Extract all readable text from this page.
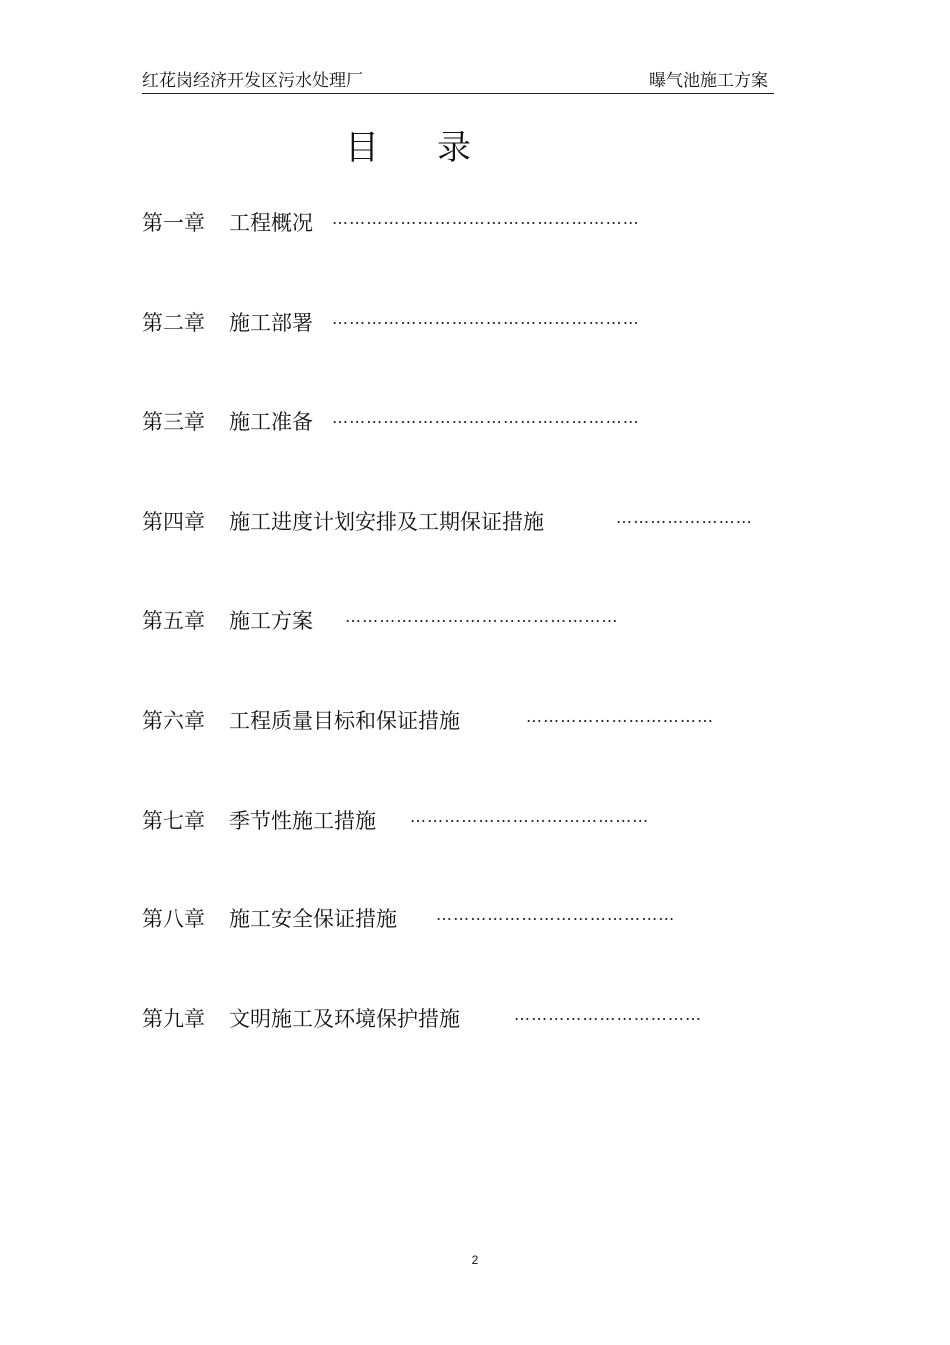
红花岗经济开发区污水处理厂	曝气池施工方案
目录
第一章 工程概况 ………………………………………………
第二章 施工部署 ………………………………………………
第三章 施工准备 ………………………………………………
第四章 施工进度计划安排及工期保证措施	……………………
第五章 施工方案 …………………………………………
第六章 工程质量目标和保证措施	……………………………
第七章 季节性施工措施 ……………………………………
第八章 施工安全保证措施 ……………………………………
第九章 文明施工及环境保护措施	……………………………
2
